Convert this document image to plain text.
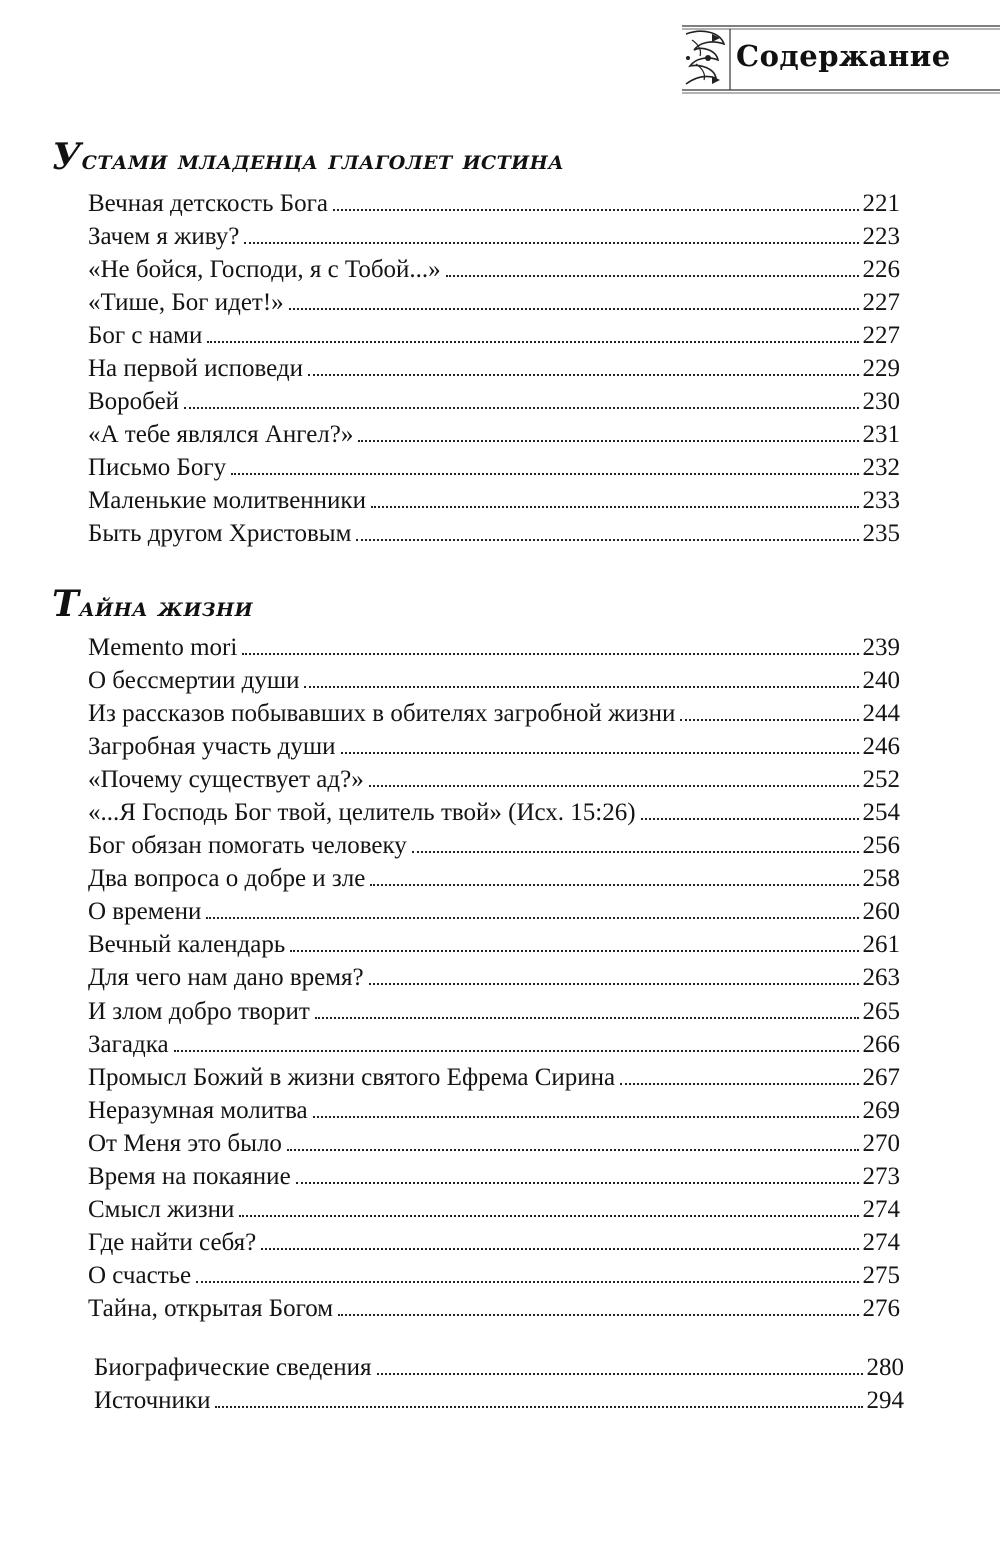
Содержание
Устами младенца глаголет истина
Вечная детскость Бога	221
Зачем я живу?	223
«Не бойся, Господи, я с Тобой...»	226
«Тише, Бог идет!»	227
Бог с нами	227
На первой исповеди	229
Воробей	230
«А тебе являлся Ангел?»	231
Письмо Богу	232
Маленькие молитвенники	233
Быть другом Христовым	235
Тайна жизни
Memento mori	239
О бессмертии души	240
Из рассказов побывавших в обителях загробной жизни	244
Загробная участь души	246
«Почему существует ад?»	252
«...Я Господь Бог твой, целитель твой» (Исх. 15:26)	254
Бог обязан помогать человеку	256
Два вопроса о добре и зле	258
О времени	260
Вечный календарь	261
Для чего нам дано время?	263
И злом добро творит	265
Загадка	266
Промысл Божий в жизни святого Ефрема Сирина	267
Неразумная молитва	269
От Меня это было	270
Время на покаяние	273
Смысл жизни	274
Где найти себя?	274
О счастье	275
Тайна, открытая Богом	276
Биографические сведения	280
Источники	294
